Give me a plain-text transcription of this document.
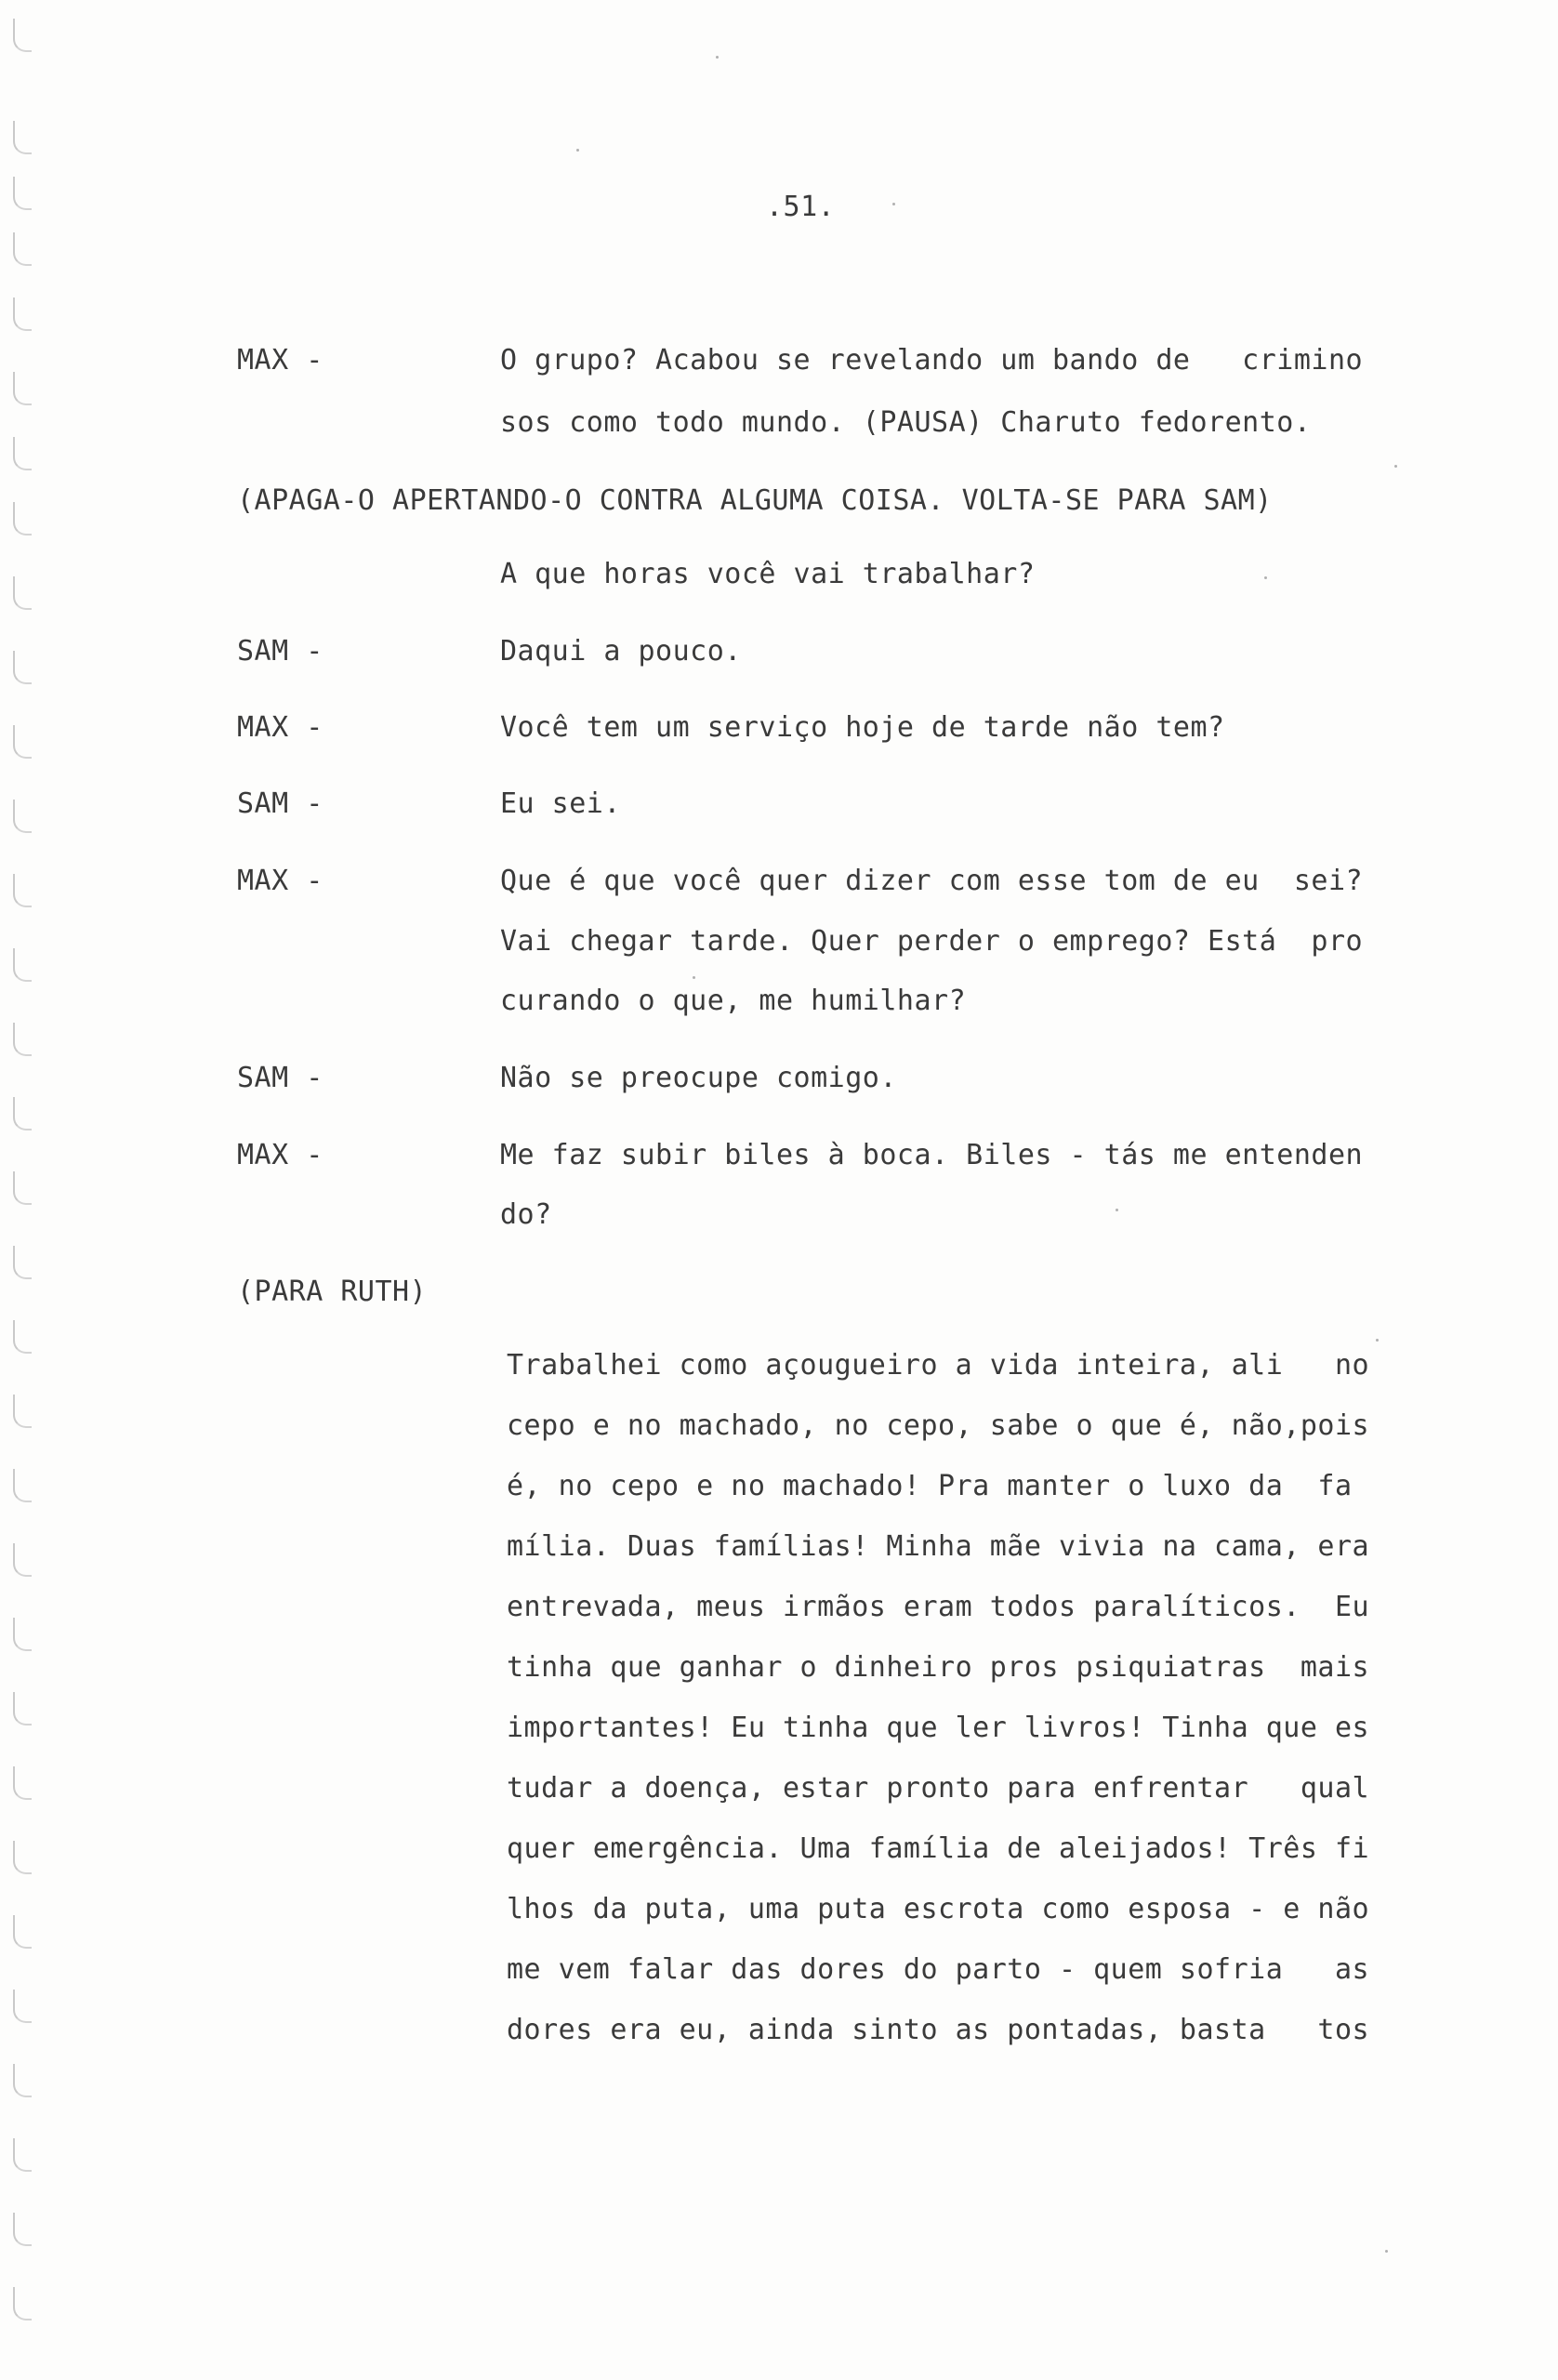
.51.
MAX -	O grupo? Acabou se revelando um bando de   crimino
sos como todo mundo. (PAUSA) Charuto fedorento.
(APAGA-O APERTANDO-O CONTRA ALGUMA COISA. VOLTA-SE PARA SAM)
A que horas você vai trabalhar?
SAM -	Daqui a pouco.
MAX -	Você tem um serviço hoje de tarde não tem?
SAM -	Eu sei.
MAX -	Que é que você quer dizer com esse tom de eu  sei?
Vai chegar tarde. Quer perder o emprego? Está  pro
curando o que, me humilhar?
SAM -	Não se preocupe comigo.
MAX -	Me faz subir biles à boca. Biles - tás me entenden
do?
(PARA RUTH)
Trabalhei como açougueiro a vida inteira, ali   no
cepo e no machado, no cepo, sabe o que é, não,pois
é, no cepo e no machado! Pra manter o luxo da  fa
mília. Duas famílias! Minha mãe vivia na cama, era
entrevada, meus irmãos eram todos paralíticos.  Eu
tinha que ganhar o dinheiro pros psiquiatras  mais
importantes! Eu tinha que ler livros! Tinha que es
tudar a doença, estar pronto para enfrentar   qual
quer emergência. Uma família de aleijados! Três fi
lhos da puta, uma puta escrota como esposa - e não
me vem falar das dores do parto - quem sofria   as
dores era eu, ainda sinto as pontadas, basta   tos
